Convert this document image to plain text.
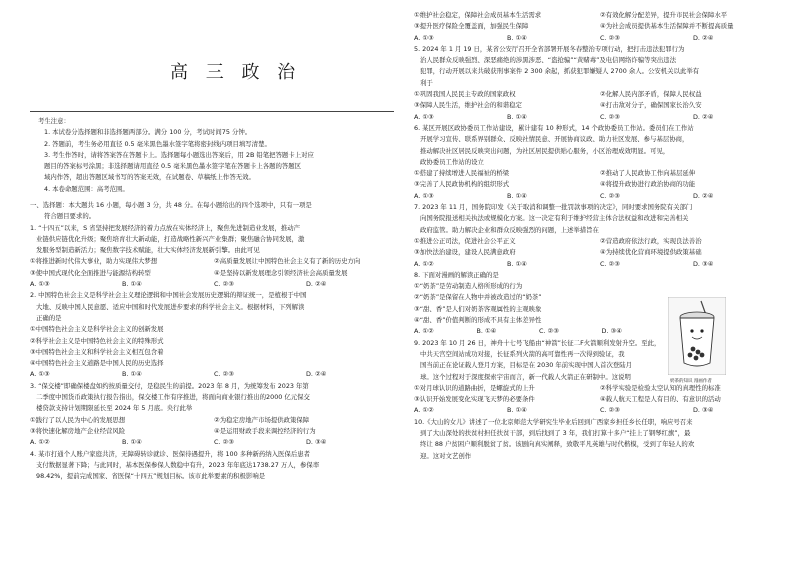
高 三 政 治
考生注意：
1. 本试卷分选择题和非选择题两部分。满分 100 分，考试时间75 分钟。
2. 答题前，考生务必用直径 0.5 毫米黑色墨水签字笔将密封线内项目填写清楚。
3. 考生作答时，请将答案答在答题卡上。选择题每小题选出答案后，用 2B 铅笔把答题卡上对应
题目的答案标号涂黑；非选择题请用直径 0.5 毫米黑色墨水签字笔在答题卡上各题的答题区
域内作答，超出答题区域书写的答案无效，在试题卷、草稿纸上作答无效。
4. 本卷命题范围：高考范围。
一、选择题：本大题共 16 小题，每小题 3 分，共 48 分。在每小题给出的四个选项中，只有一项是
符合题目要求的。
1. “十四五”以来，S 省坚持把发展经济的着力点放在实体经济上，聚焦先进制造业发展，推动产
业链供应链优化升级；聚焦培育壮大新动能，打造战略性新兴产业集群；聚焦融合协同发展，激
发服务型制造新活力；聚焦数字技术赋能，壮大实体经济发展新引擎。由此可见
①将推进新时代伟大事业，助力实现伟大梦想	②高质量发展让中国特色社会主义有了新的历史方向
③使中国式现代化全面推进与能源结构转型	④是坚持以新发展理念引领经济社会高质量发展
A. ①③	B. ①④	C. ②③	D. ②④
2. 中国特色社会主义是科学社会主义理论逻辑和中国社会发展历史逻辑的辩证统一，是植根于中国
大地、反映中国人民意愿、适应中国和时代发展进步要求的科学社会主义。根据材料，下列解读
正确的是
①中国特色社会主义是科学社会主义的创新发展
②科学社会主义是中国特色社会主义的特殊形式
③中国特色社会主义和科学社会主义相互包含着
④中国特色社会主义道路是中国人民的历史选择
A. ①③	B. ①④	C. ②③	D. ②④
3. “保交楼”即确保楼盘如约按质量交付，是稳民生的前提。2023 年 8 月，为统筹发布 2023 年第
二季度中国货币政策执行报告指出，保交楼工作有序推进，将面向商业银行推出的2000 亿元保交
楼贷款支持计划期限延长至 2024 年 5 月底。央行此举
①践行了以人民为中心的发展思想	②为稳定房地产市场提供政策保障
③将快速化解房地产企业经营风险	④是运用财政手段来调控经济的行为
A. ①②	B. ①④	C. ②③	D. ③④
4. 某市打通个人账户家庭共济，无障碍转诊就诊、医保待遇提升，将 100 多种新药纳入医保后患者
支付数据显著下降；与此同时，基本医保参保人数稳中有升，2023 年年底达1738.27 万人，参保率
98.42%，提前完成国家、省医保“十四五”规划目标。该市此举要素的积极影响是
①维护社会稳定，保障社会成员基本生活需求	②有效化解分配差异，提升市民社会保障水平
③提升医疗保险全覆盖面，加强民生保障	④为社会成员提供基本生活保障并不断提高质量
A. ①③	B. ①④	C. ②③	D. ②④
5. 2024 年 1 月 19 日，某省公安厅召开全省部署开展冬春整治专项行动，把打击违法犯罪行为
治人民群众反映强烈、深恶痛绝的涉黑涉恶、“盗抢骗”“黄赌毒”及电信网络诈骗等突出违法
犯罪，行动开展以来共破获刑事案件 2 300 余起，抓获犯罪嫌疑人 2700 余人。公安机关以此举有
利于
①巩固我国人民民主专政的国家政权	②化解人民内部矛盾，保障人民权益
③保障人民生活，维护社会的和谐稳定	④打击敌对分子，确保国家长治久安
A. ①③	B. ①④	C. ②③	D. ②④
6. 某区开展区政协委员工作站建设，累计建有 10 种形式，14 个政协委员工作站。委员们在工作站
开展学习宣传、联系界别群众、反映社情民意、开展协商议政、助力社区发展、参与基层协商，
推动解决社区居民反映突出问题，为社区居民提供贴心服务，小区治理成效明显。可见，
政协委员工作站的设立
①搭建了持续增进人民福祉的桥梁	②推动了人民政协工作向基层延伸
③完善了人民政协机构的组织形式	④将提升政协进行政治协商的功能
A. ①③	B. ①④	C. ②③	D. ②④
7. 2023 年 11 月，国务院印发《关于取消和调整一批罚款事项的决定》，同时要求国务院有关部门
向国务院报送相关执法或规模化方案。这一决定有利于维护经营主体合法权益和改进和完善相关
政府监管。助力解决企业和群众反映强烈的问题，上述举措旨在
①推进公正司法，促进社会公平正义	②营造政府依法行政，实现良法善治
③加快法治建设，建设人民满意政府	④为持续优化营商环境提供政策基础
A. ①②	B. ①④	C. ②③	D. ③④
8. 下面对漫画的解读正确的是
①“奶茶”是劳动制造人格所形成的行为
②“奶茶”是保留在人物中并被改造过的“奶茶”
③“甜、香”是人们对奶茶客观属性的主观映象
④“甜、香”价值判断的形成不具有主体差异性
A. ①②	B. ①④	C. ②③	D. ③④
9. 2023 年 10 月 26 日，神舟十七号飞船由“神箭”长征二F火箭顺利发射升空。至此，
中共天宫空间站成功对接，长征系列火箭的高可靠性再一次得到验证，我
国当前正在论证载人登月方案，目标是在 2030 年前实现中国人首次登陆月
球。这个过程对于深度探索宇宙而言，新一代载人火箭正在研制中。这说明
①对月球认识的道路曲折，是螺旋式的上升	②科学实验是检验太空认知的真理性的标准
③认识开始发展变化实现飞天梦的必要条件	④载人航天工程是人有目的、有意识的活动
A. ①②	B. ①④	C. ②③	D. ③④
10.《大山的女儿》讲述了一位北京师范大学研究生毕业后回到广西家乡担任乡长任职，响应号召来
到了大山深处的扶贫村担任扶贫干部，到后找到了 3 年，我们打算十多户“挂上了钢琴红旗”，最
终让 88 户贫困户顺利脱贫了贫。该剧向真实阐释，致敬平凡英雄与时代楷模，受到了年轻人的欢
迎。这对文艺创作
奶茶的知识 漫画作者
